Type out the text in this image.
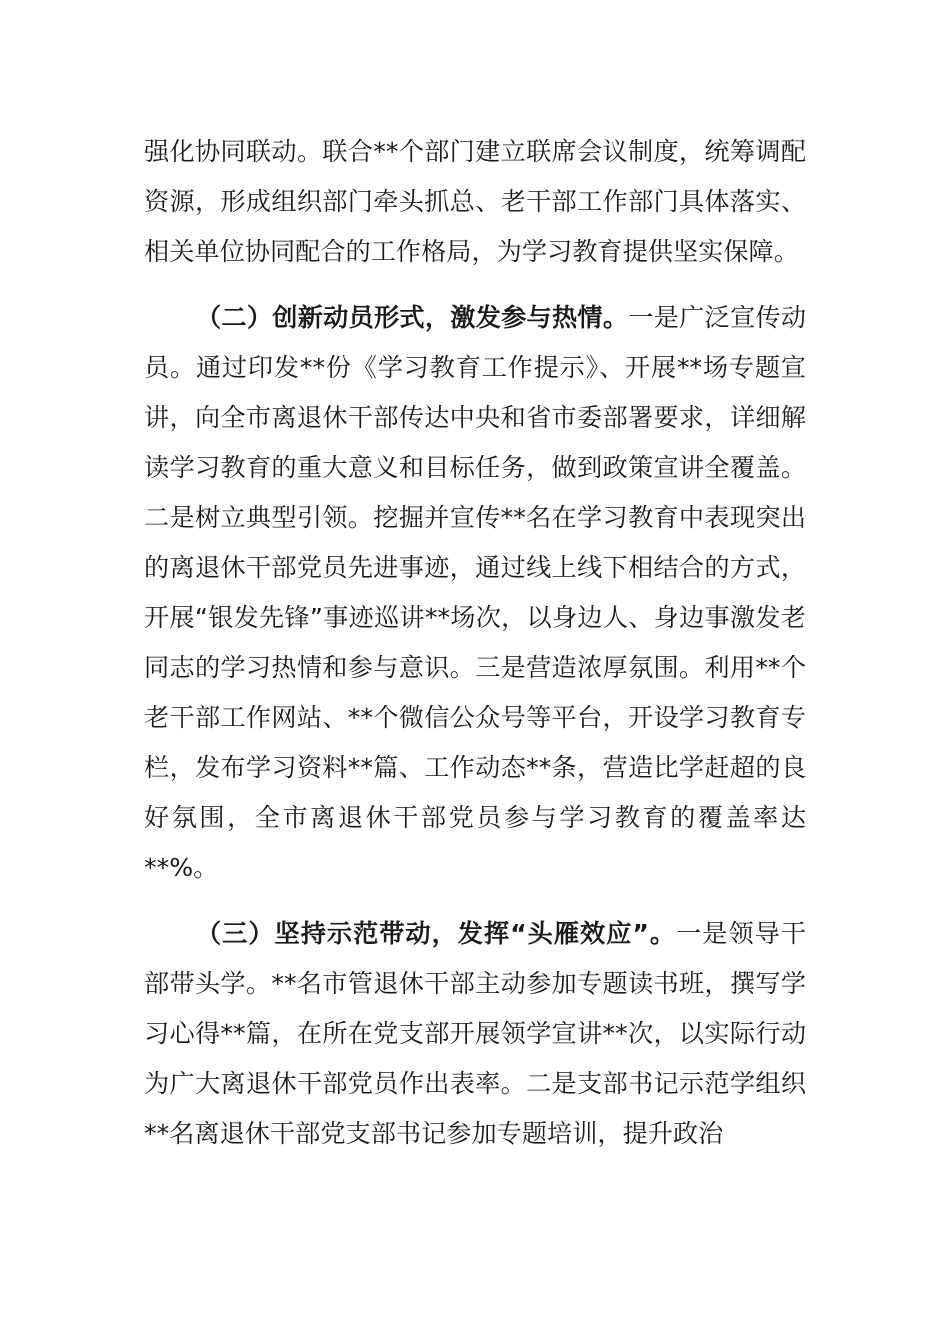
强化协同联动。联合**个部门建立联席会议制度，统筹调配资源，形成组织部门牵头抓总、老干部工作部门具体落实、相关单位协同配合的工作格局，为学习教育提供坚实保障。

（二）创新动员形式，激发参与热情。一是广泛宣传动员。通过印发**份《学习教育工作提示》、开展**场专题宣讲，向全市离退休干部传达中央和省市委部署要求，详细解读学习教育的重大意义和目标任务，做到政策宣讲全覆盖。二是树立典型引领。挖掘并宣传**名在学习教育中表现突出的离退休干部党员先进事迹，通过线上线下相结合的方式，开展“银发先锋”事迹巡讲**场次，以身边人、身边事激发老同志的学习热情和参与意识。三是营造浓厚氛围。利用**个老干部工作网站、**个微信公众号等平台，开设学习教育专栏，发布学习资料**篇、工作动态**条，营造比学赶超的良好氛围，全市离退休干部党员参与学习教育的覆盖率达**%。

（三）坚持示范带动，发挥“头雁效应”。一是领导干部带头学。**名市管退休干部主动参加专题读书班，撰写学习心得**篇，在所在党支部开展领学宣讲**次，以实际行动为广大离退休干部党员作出表率。二是支部书记示范学组织**名离退休干部党支部书记参加专题培训，提升政治
